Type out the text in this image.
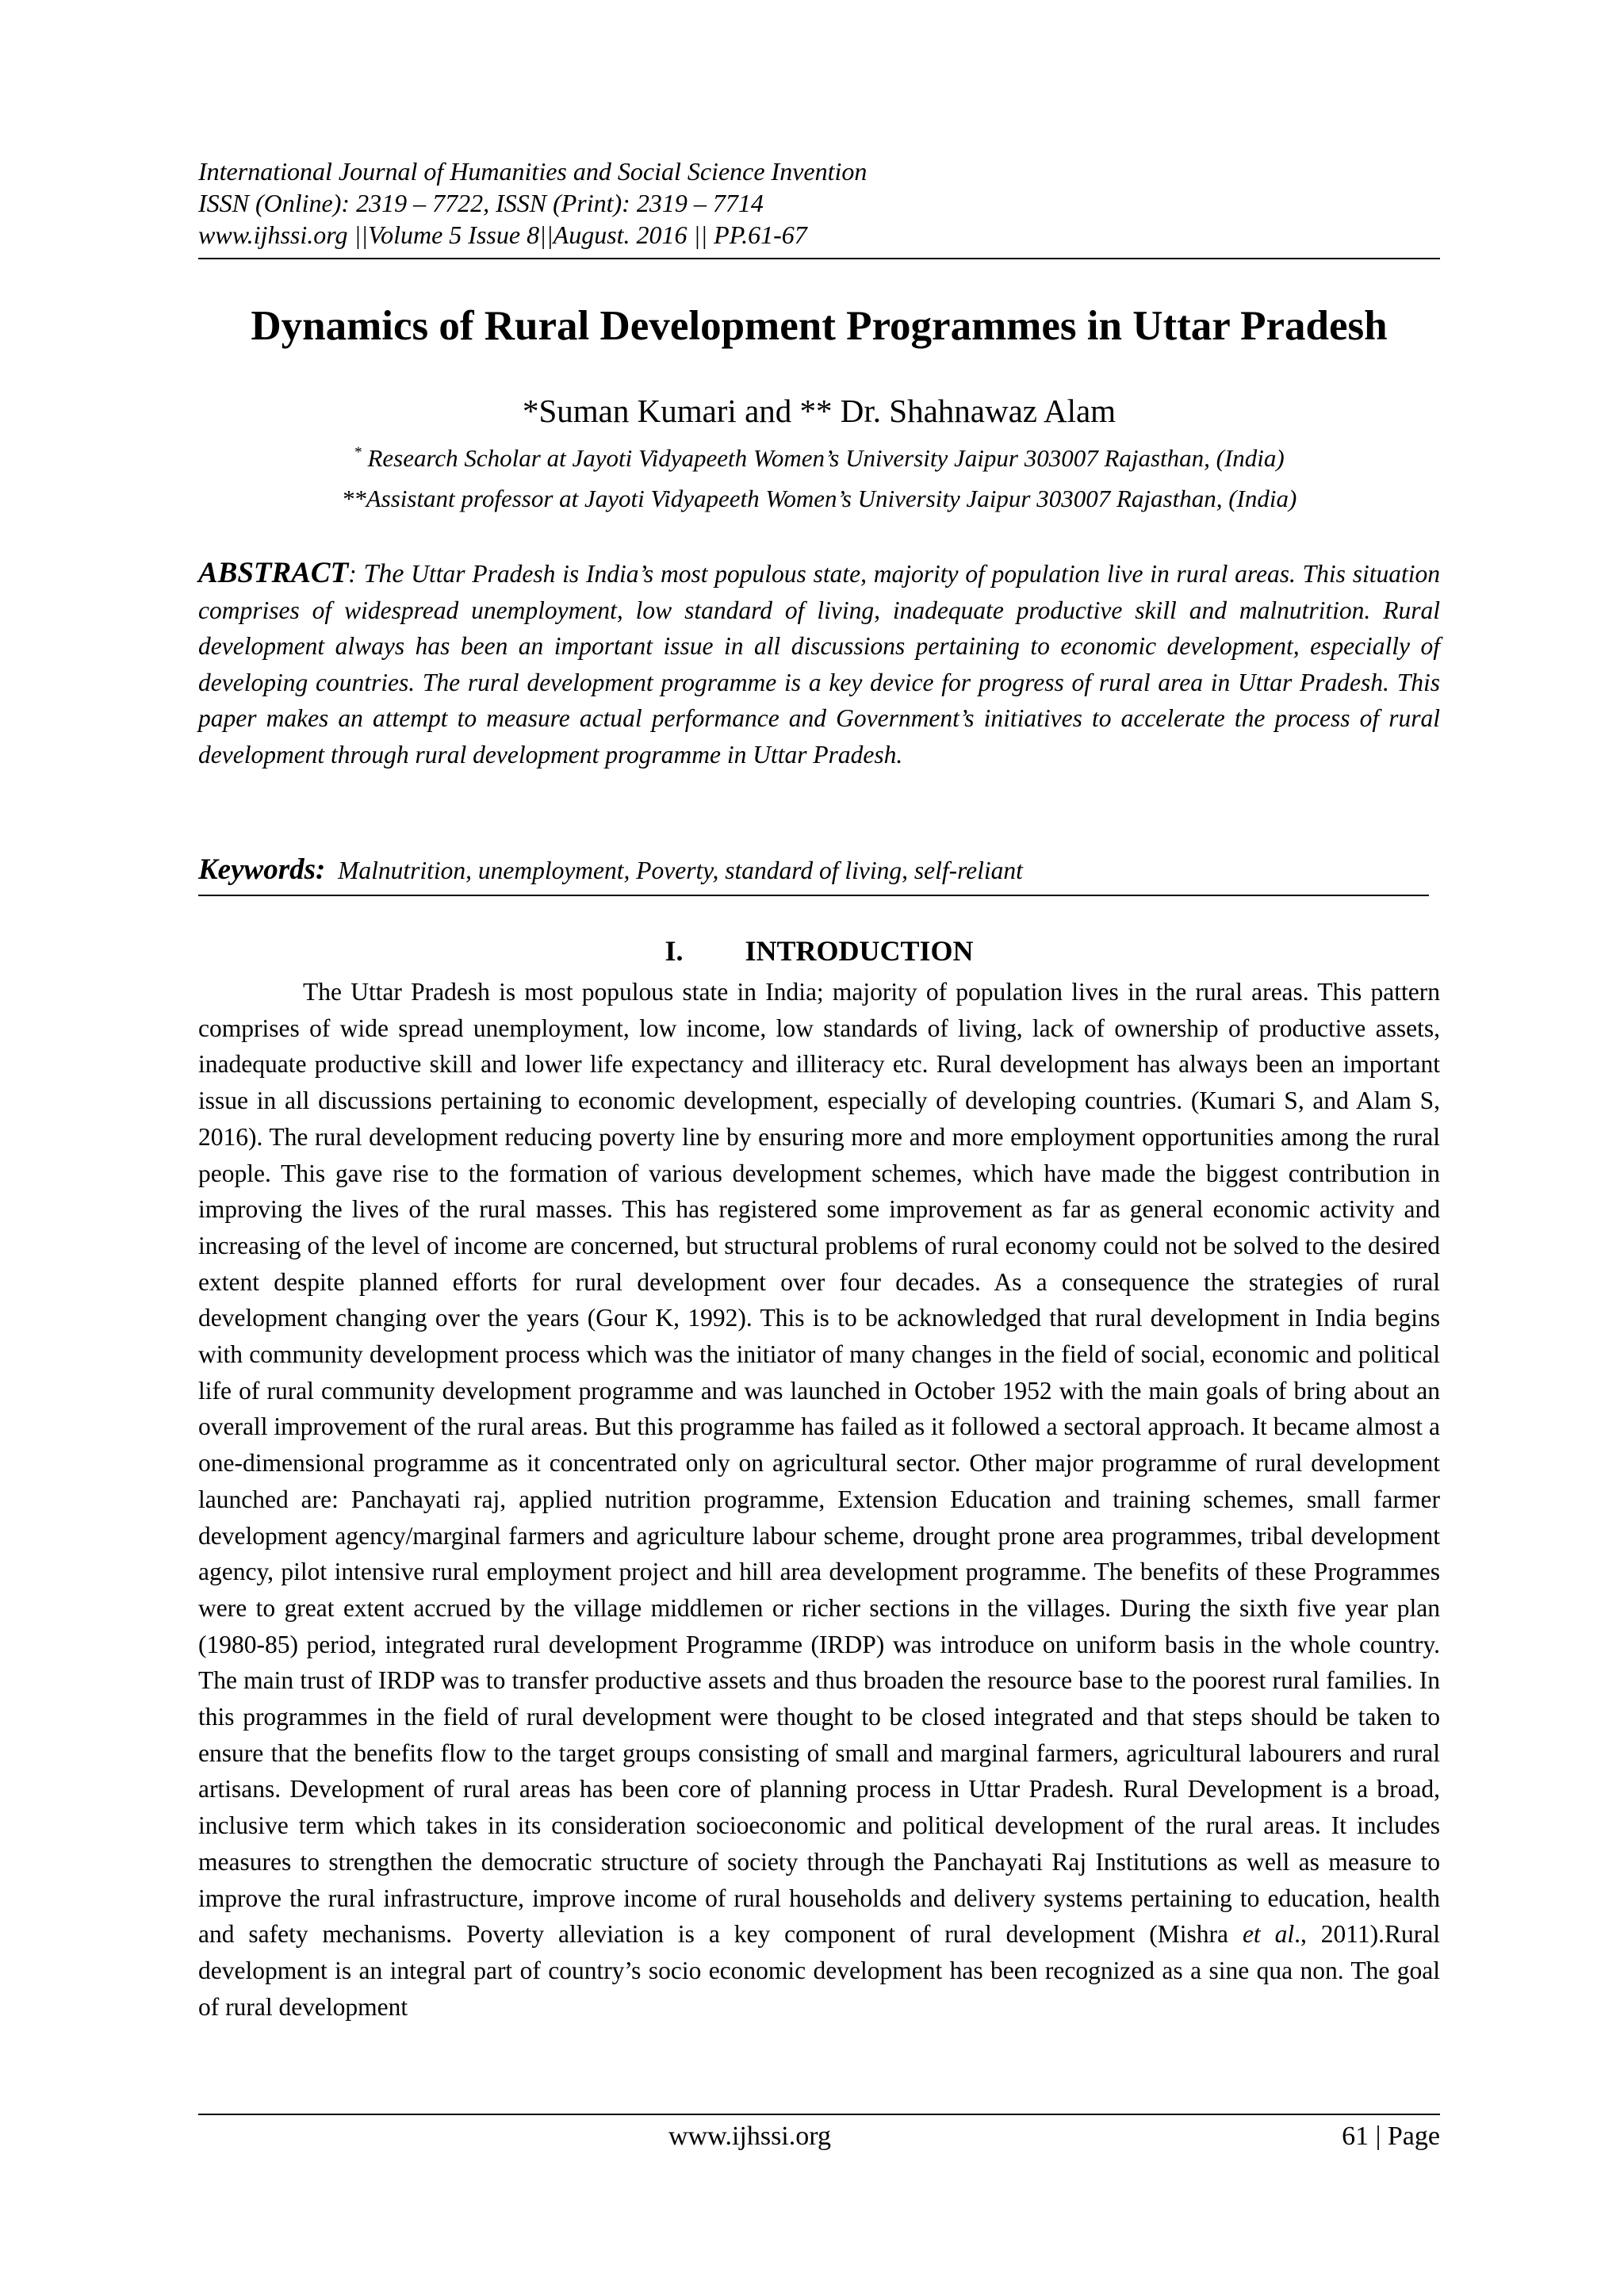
International Journal of Humanities and Social Science Invention
ISSN (Online): 2319 – 7722, ISSN (Print): 2319 – 7714
www.ijhssi.org ||Volume 5 Issue 8||August. 2016 || PP.61-67
Dynamics of Rural Development Programmes in Uttar Pradesh
*Suman Kumari and ** Dr. Shahnawaz Alam
* Research Scholar at Jayoti Vidyapeeth Women’s University Jaipur 303007 Rajasthan, (India)
**Assistant professor at Jayoti Vidyapeeth Women’s University Jaipur 303007 Rajasthan, (India)

ABSTRACT: The Uttar Pradesh is India’s most populous state, majority of population live in rural areas. This situation comprises of widespread unemployment, low standard of living, inadequate productive skill and malnutrition. Rural development always has been an important issue in all discussions pertaining to economic development, especially of developing countries. The rural development programme is a key device for progress of rural area in Uttar Pradesh. This paper makes an attempt to measure actual performance and Government’s initiatives to accelerate the process of rural development through rural development programme in Uttar Pradesh.

Keywords: Malnutrition, unemployment, Poverty, standard of living, self-reliant
I. INTRODUCTION

The Uttar Pradesh is most populous state in India; majority of population lives in the rural areas. This pattern comprises of wide spread unemployment, low income, low standards of living, lack of ownership of productive assets, inadequate productive skill and lower life expectancy and illiteracy etc. Rural development has always been an important issue in all discussions pertaining to economic development, especially of developing countries. (Kumari S, and Alam S, 2016). The rural development reducing poverty line by ensuring more and more employment opportunities among the rural people. This gave rise to the formation of various development schemes, which have made the biggest contribution in improving the lives of the rural masses. This has registered some improvement as far as general economic activity and increasing of the level of income are concerned, but structural problems of rural economy could not be solved to the desired extent despite planned efforts for rural development over four decades. As a consequence the strategies of rural development changing over the years (Gour K, 1992). This is to be acknowledged that rural development in India begins with community development process which was the initiator of many changes in the field of social, economic and political life of rural community development programme and was launched in October 1952 with the main goals of bring about an overall improvement of the rural areas. But this programme has failed as it followed a sectoral approach. It became almost a one-dimensional programme as it concentrated only on agricultural sector. Other major programme of rural development launched are: Panchayati raj, applied nutrition programme, Extension Education and training schemes, small farmer development agency/marginal farmers and agriculture labour scheme, drought prone area programmes, tribal development agency, pilot intensive rural employment project and hill area development programme. The benefits of these Programmes were to great extent accrued by the village middlemen or richer sections in the villages. During the sixth five year plan (1980-85) period, integrated rural development Programme (IRDP) was introduce on uniform basis in the whole country. The main trust of IRDP was to transfer productive assets and thus broaden the resource base to the poorest rural families. In this programmes in the field of rural development were thought to be closed integrated and that steps should be taken to ensure that the benefits flow to the target groups consisting of small and marginal farmers, agricultural labourers and rural artisans. Development of rural areas has been core of planning process in Uttar Pradesh. Rural Development is a broad, inclusive term which takes in its consideration socioeconomic and political development of the rural areas. It includes measures to strengthen the democratic structure of society through the Panchayati Raj Institutions as well as measure to improve the rural infrastructure, improve income of rural households and delivery systems pertaining to education, health and safety mechanisms. Poverty alleviation is a key component of rural development (Mishra et al., 2011).Rural development is an integral part of country’s socio economic development has been recognized as a sine qua non. The goal of rural development

www.ijhssi.org	61 | Page
